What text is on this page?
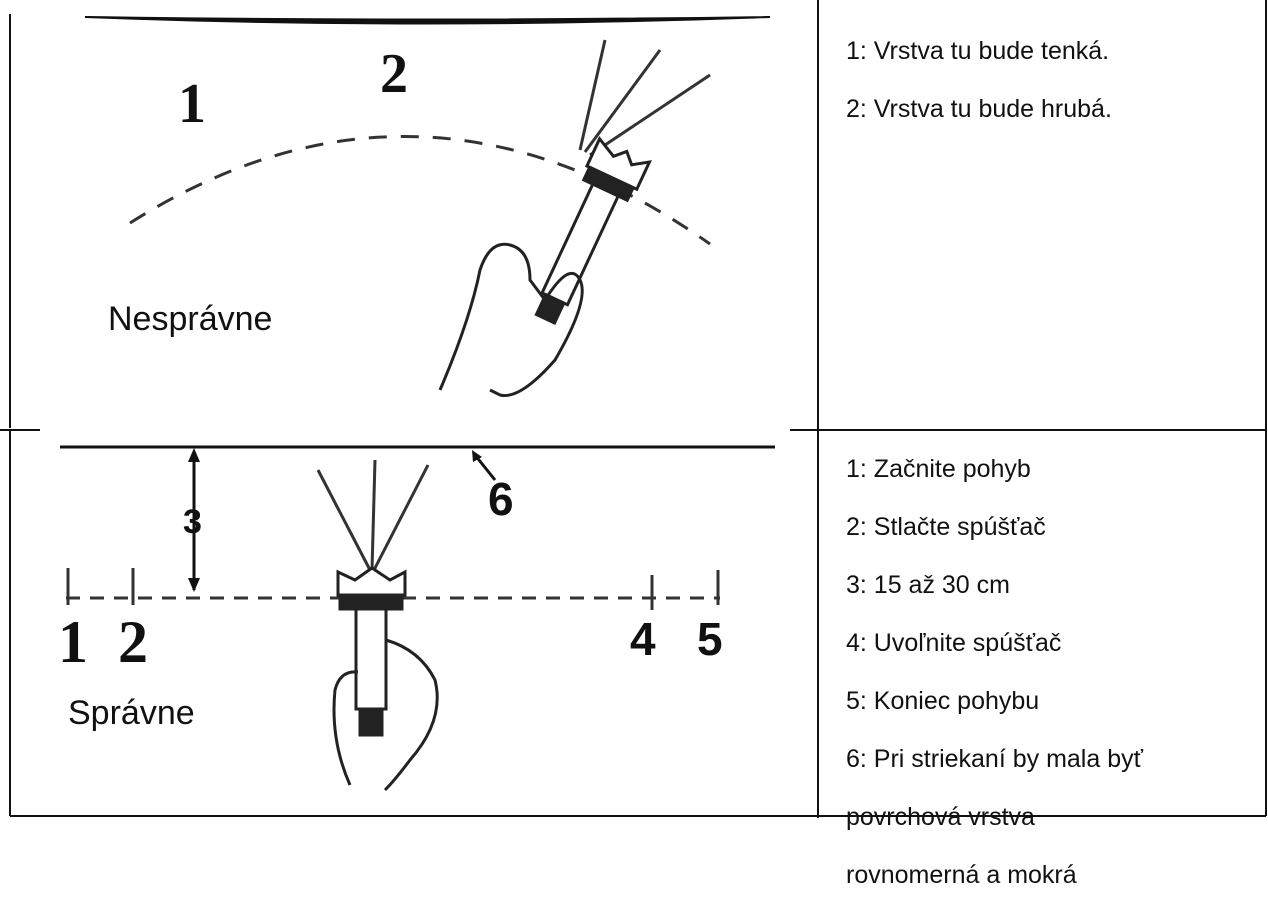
1	2
Nesprávne

1: Vrstva tu bude tenká.

2: Vrstva tu bude hrubá.

1 2
3
4 5
6
Správne

1: Začnite pohyb

2: Stlačte spúšťač

3: 15 až 30 cm

4: Uvoľnite spúšťač

5: Koniec pohybu

6: Pri striekaní by mala byť

povrchová vrstva

rovnomerná a mokrá
